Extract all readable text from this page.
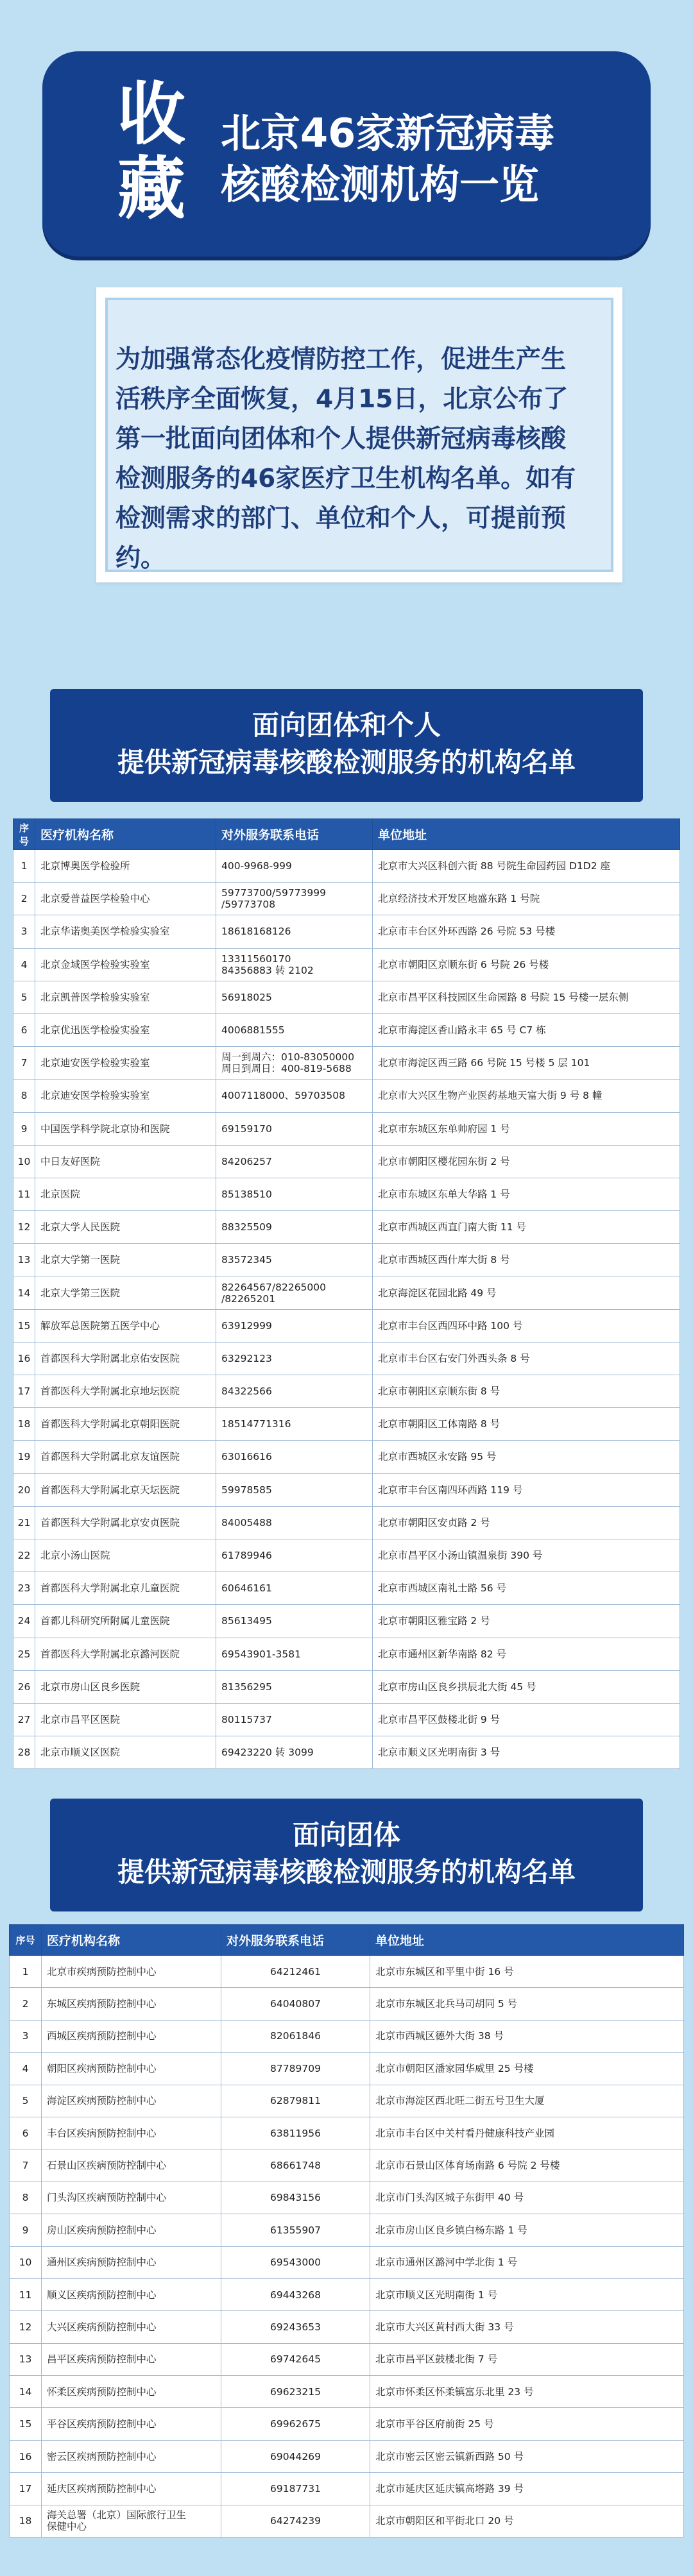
收
藏
北京46家新冠病毒
核酸检测机构一览
为加强常态化疫情防控工作，促进生产生活秩序全面恢复，4月15日，北京公布了第一批面向团体和个人提供新冠病毒核酸检测服务的46家医疗卫生机构名单。如有检测需求的部门、单位和个人，可提前预约。
面向团体和个人
提供新冠病毒核酸检测服务的机构名单
序号	医疗机构名称	对外服务联系电话	单位地址
1	北京博奥医学检验所	400-9968-999	北京市大兴区科创六街 88 号院生命园药园 D1D2 座
2	北京爱普益医学检验中心	59773700/59773999
/59773708	北京经济技术开发区地盛东路 1 号院
3	北京华诺奥美医学检验实验室	18618168126	北京市丰台区外环西路 26 号院 53 号楼
4	北京金域医学检验实验室	13311560170
84356883 转 2102	北京市朝阳区京顺东街 6 号院 26 号楼
5	北京凯普医学检验实验室	56918025	北京市昌平区科技园区生命园路 8 号院 15 号楼一层东侧
6	北京优迅医学检验实验室	4006881555	北京市海淀区香山路永丰 65 号 C7 栋
7	北京迪安医学检验实验室	周一到周六：010-83050000
周日到周日：400-819-5688	北京市海淀区西三路 66 号院 15 号楼 5 层 101
8	北京迪安医学检验实验室	4007118000、59703508	北京市大兴区生物产业医药基地天富大街 9 号 8 幢
9	中国医学科学院北京协和医院	69159170	北京市东城区东单帅府园 1 号
10	中日友好医院	84206257	北京市朝阳区樱花园东街 2 号
11	北京医院	85138510	北京市东城区东单大华路 1 号
12	北京大学人民医院	88325509	北京市西城区西直门南大街 11 号
13	北京大学第一医院	83572345	北京市西城区西什库大街 8 号
14	北京大学第三医院	82264567/82265000
/82265201	北京海淀区花园北路 49 号
15	解放军总医院第五医学中心	63912999	北京市丰台区西四环中路 100 号
16	首都医科大学附属北京佑安医院	63292123	北京市丰台区右安门外西头条 8 号
17	首都医科大学附属北京地坛医院	84322566	北京市朝阳区京顺东街 8 号
18	首都医科大学附属北京朝阳医院	18514771316	北京市朝阳区工体南路 8 号
19	首都医科大学附属北京友谊医院	63016616	北京市西城区永安路 95 号
20	首都医科大学附属北京天坛医院	59978585	北京市丰台区南四环西路 119 号
21	首都医科大学附属北京安贞医院	84005488	北京市朝阳区安贞路 2 号
22	北京小汤山医院	61789946	北京市昌平区小汤山镇温泉街 390 号
23	首都医科大学附属北京儿童医院	60646161	北京市西城区南礼士路 56 号
24	首都儿科研究所附属儿童医院	85613495	北京市朝阳区雅宝路 2 号
25	首都医科大学附属北京潞河医院	69543901-3581	北京市通州区新华南路 82 号
26	北京市房山区良乡医院	81356295	北京市房山区良乡拱辰北大街 45 号
27	北京市昌平区医院	80115737	北京市昌平区鼓楼北街 9 号
28	北京市顺义区医院	69423220 转 3099	北京市顺义区光明南街 3 号
面向团体
提供新冠病毒核酸检测服务的机构名单
序号	医疗机构名称	对外服务联系电话	单位地址
1	北京市疾病预防控制中心	64212461	北京市东城区和平里中街 16 号
2	东城区疾病预防控制中心	64040807	北京市东城区北兵马司胡同 5 号
3	西城区疾病预防控制中心	82061846	北京市西城区德外大街 38 号
4	朝阳区疾病预防控制中心	87789709	北京市朝阳区潘家园华威里 25 号楼
5	海淀区疾病预防控制中心	62879811	北京市海淀区西北旺二街五号卫生大厦
6	丰台区疾病预防控制中心	63811956	北京市丰台区中关村看丹健康科技产业园
7	石景山区疾病预防控制中心	68661748	北京市石景山区体育场南路 6 号院 2 号楼
8	门头沟区疾病预防控制中心	69843156	北京市门头沟区城子东街甲 40 号
9	房山区疾病预防控制中心	61355907	北京市房山区良乡镇白杨东路 1 号
10	通州区疾病预防控制中心	69543000	北京市通州区潞河中学北街 1 号
11	顺义区疾病预防控制中心	69443268	北京市顺义区光明南街 1 号
12	大兴区疾病预防控制中心	69243653	北京市大兴区黄村西大街 33 号
13	昌平区疾病预防控制中心	69742645	北京市昌平区鼓楼北街 7 号
14	怀柔区疾病预防控制中心	69623215	北京市怀柔区怀柔镇富乐北里 23 号
15	平谷区疾病预防控制中心	69962675	北京市平谷区府前街 25 号
16	密云区疾病预防控制中心	69044269	北京市密云区密云镇新西路 50 号
17	延庆区疾病预防控制中心	69187731	北京市延庆区延庆镇高塔路 39 号
18	海关总署（北京）国际旅行卫生
保健中心	64274239	北京市朝阳区和平街北口 20 号
